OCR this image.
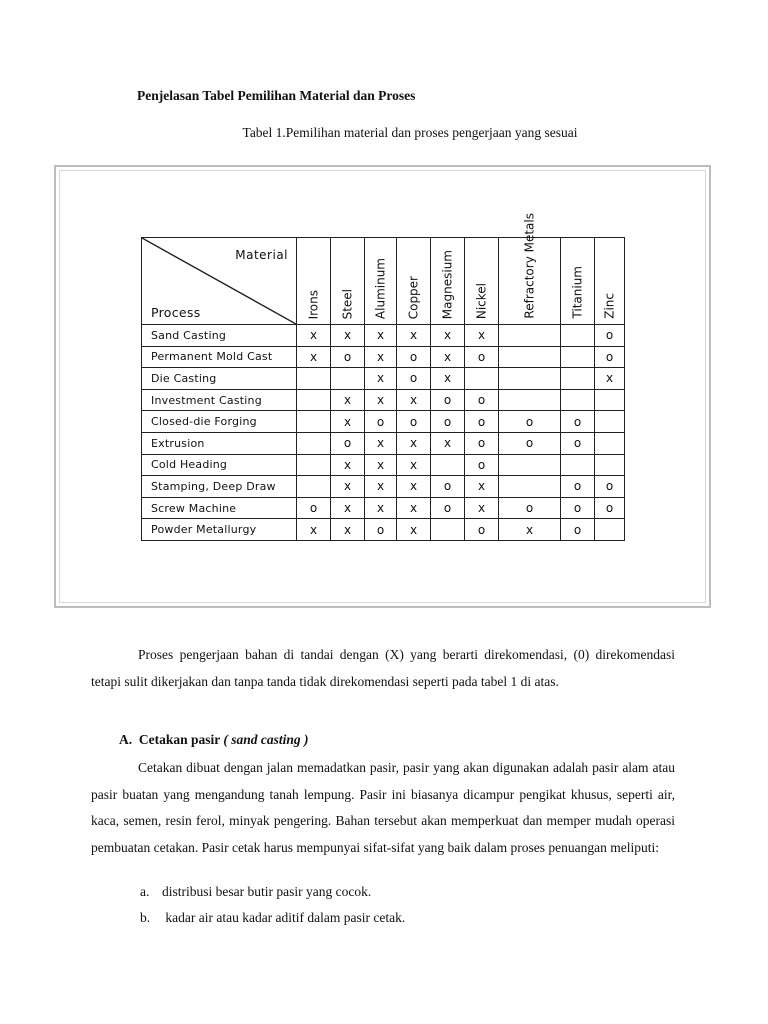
Penjelasan Tabel Pemilihan Material dan Proses
Tabel 1.Pemilihan material dan proses pengerjaan yang sesuai
Material
Process	Irons	Steel	Aluminum	Copper	Magnesium	Nickel	Refractory Metals	Titanium	Zinc

Sand Casting	x	x	x	x	x	x			o
Permanent Mold Cast	x	o	x	o	x	o			o
Die Casting			x	o	x				x
Investment Casting		x	x	x	o	o			
Closed-die Forging		x	o	o	o	o	o	o	
Extrusion		o	x	x	x	o	o	o	
Cold Heading		x	x	x		o			
Stamping, Deep Draw		x	x	x	o	x		o	o
Screw Machine	o	x	x	x	o	x	o	o	o
Powder Metallurgy	x	x	o	x		o	x	o	
Proses pengerjaan bahan di tandai dengan (X) yang berarti direkomendasi, (0) direkomendasi tetapi sulit dikerjakan dan tanpa tanda tidak direkomendasi seperti pada tabel 1 di atas.
A. Cetakan pasir ( sand casting )
Cetakan dibuat dengan jalan memadatkan pasir, pasir yang akan digunakan adalah pasir alam atau pasir buatan yang mengandung tanah lempung. Pasir ini biasanya dicampur pengikat khusus, seperti air, kaca, semen, resin ferol, minyak pengering. Bahan tersebut akan memperkuat dan memper mudah operasi pembuatan cetakan. Pasir cetak harus mempunyai sifat-sifat yang baik dalam proses penuangan meliputi:
a. distribusi besar butir pasir yang cocok.
b. kadar air atau kadar aditif dalam pasir cetak.
